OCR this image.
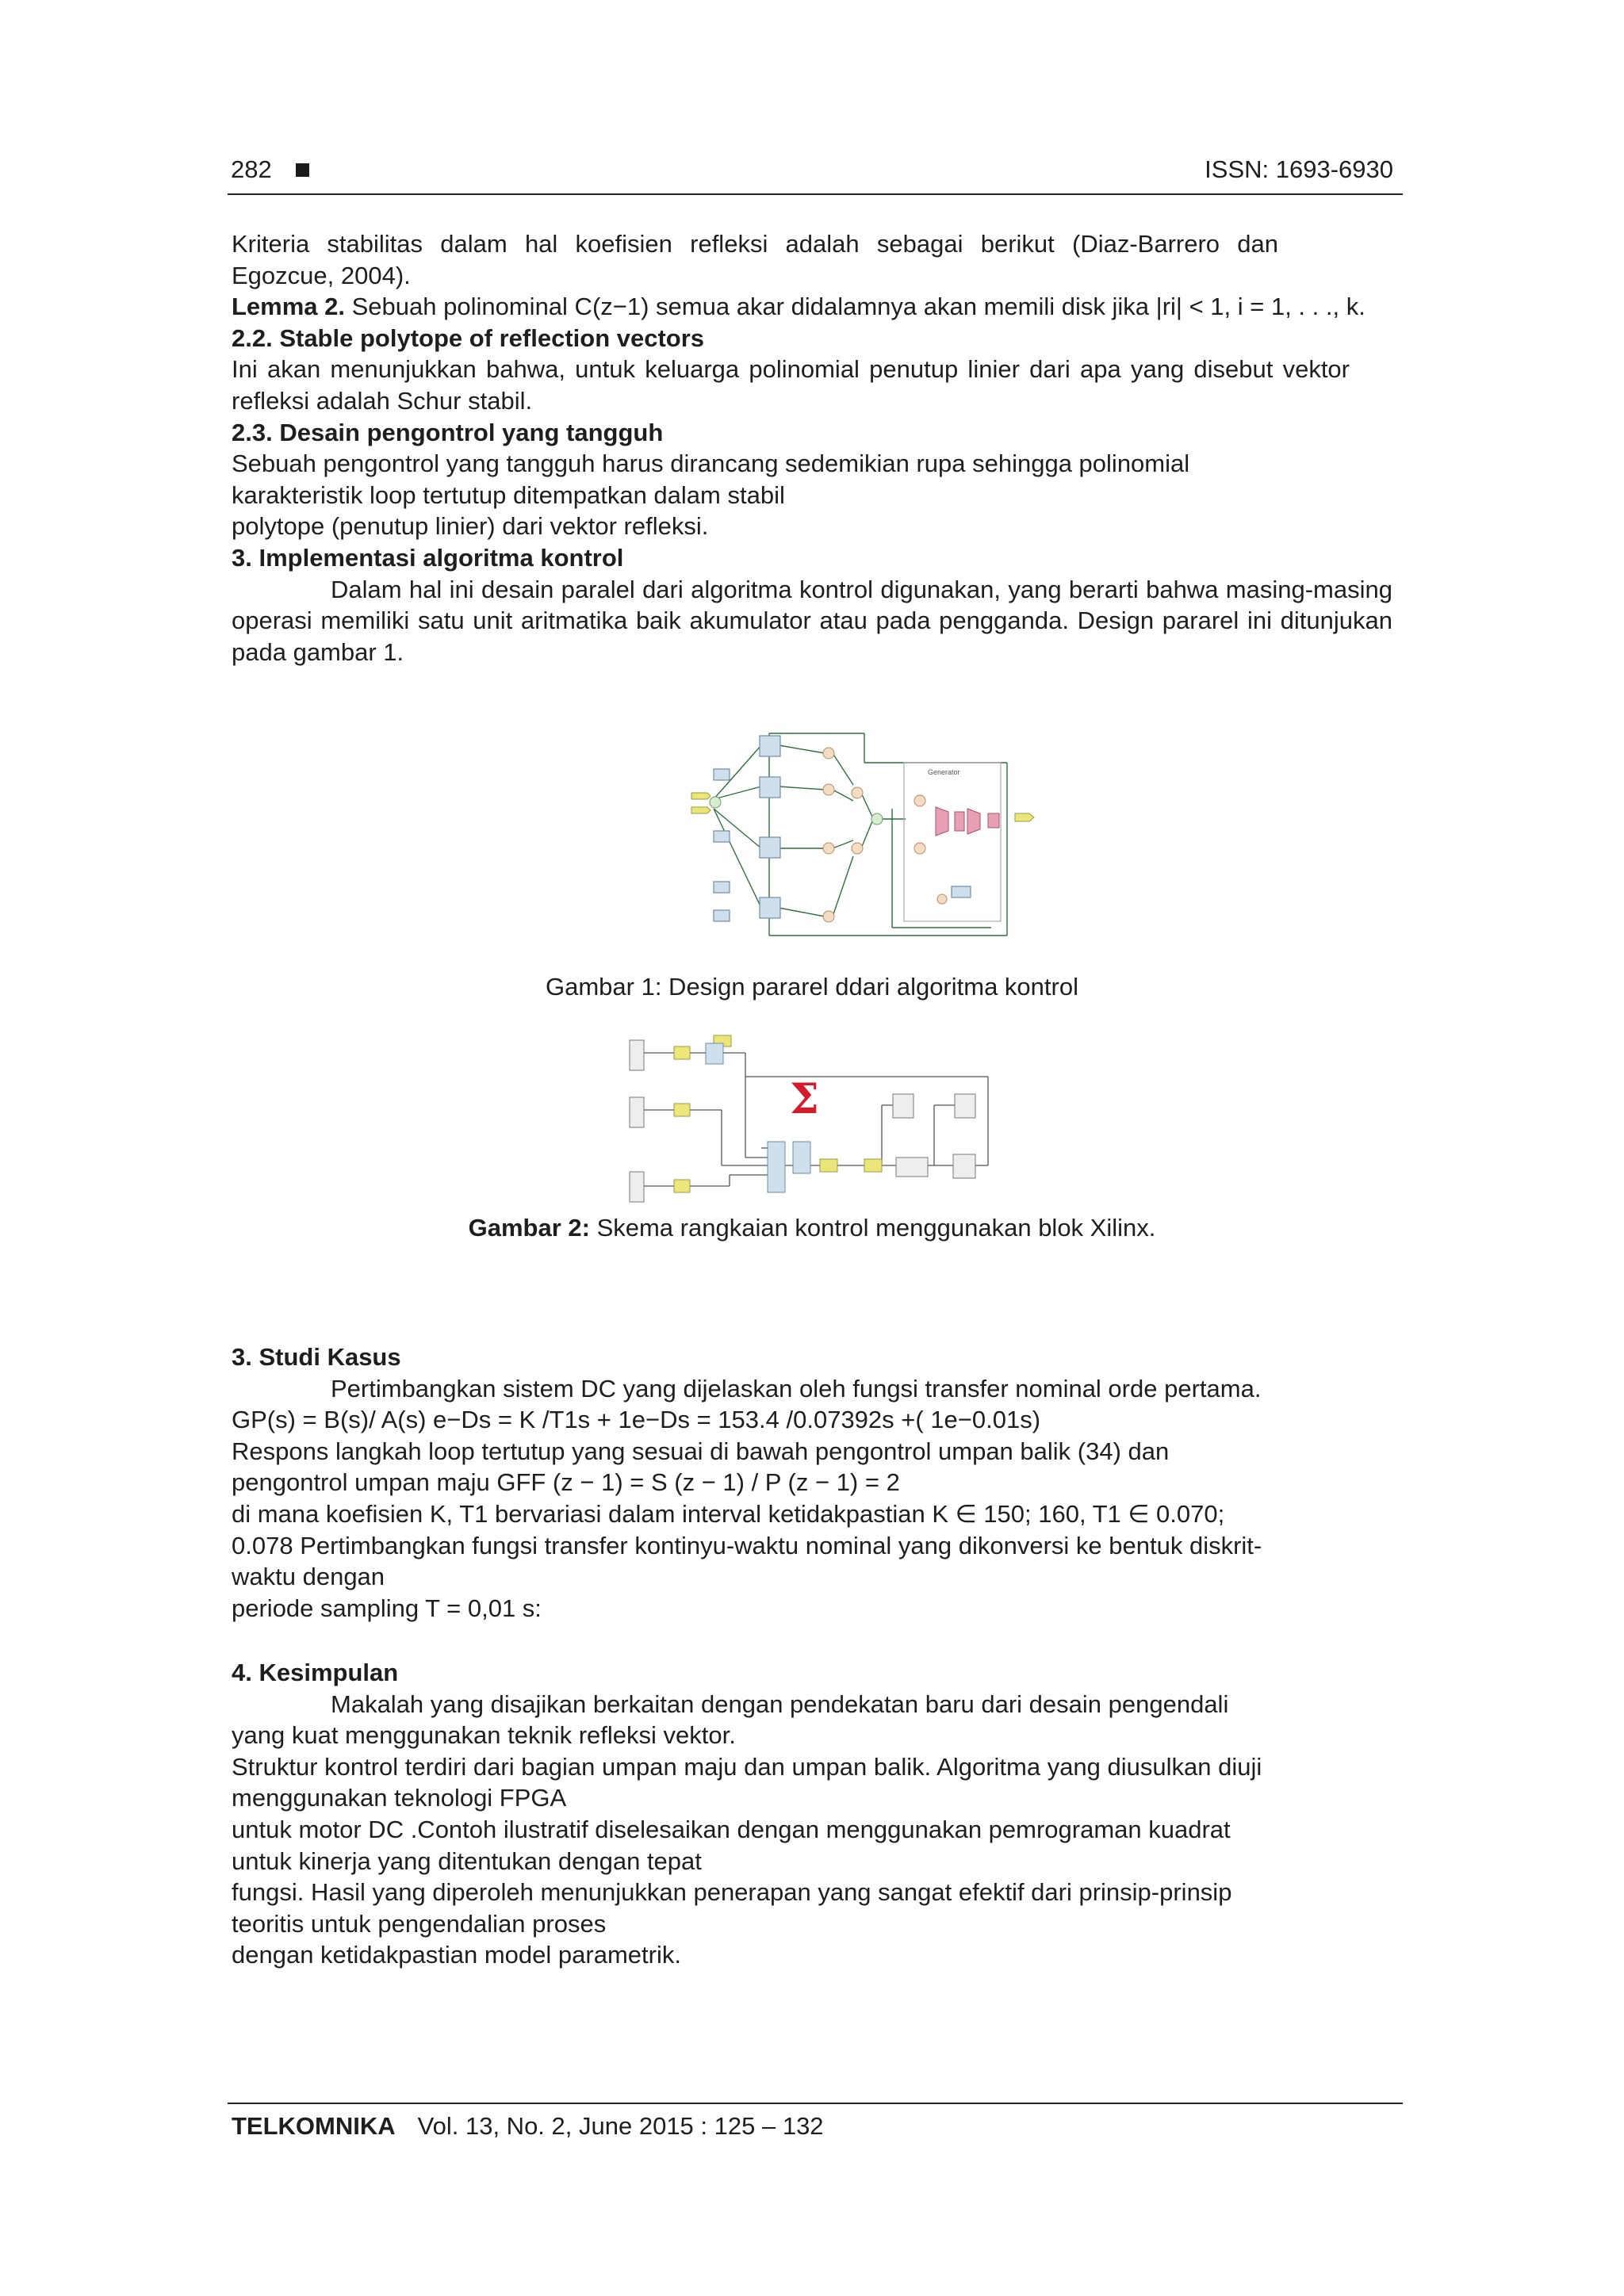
282	ISSN: 1693-6930

Kriteria stabilitas dalam hal koefisien refleksi adalah sebagai berikut (Diaz-Barrero dan Egozcue, 2004).

Lemma 2. Sebuah polinominal C(z−1) semua akar didalamnya akan memili disk jika |ri| < 1, i = 1, . . ., k.

2.2. Stable polytope of reflection vectors

Ini akan menunjukkan bahwa, untuk keluarga polinomial penutup linier dari apa yang disebut vektor refleksi adalah Schur stabil.

2.3. Desain pengontrol yang tangguh

Sebuah pengontrol yang tangguh harus dirancang sedemikian rupa sehingga polinomial

karakteristik loop tertutup ditempatkan dalam stabil

polytope (penutup linier) dari vektor refleksi.

3. Implementasi algoritma kontrol

Dalam hal ini desain paralel dari algoritma kontrol digunakan, yang berarti bahwa masing-masing operasi memiliki satu unit aritmatika baik akumulator atau pada pengganda. Design pararel ini ditunjukan pada gambar 1.

Generator
Gambar 1: Design pararel ddari algoritma kontrol
Σ
Gambar 2: Skema rangkaian kontrol menggunakan blok Xilinx.

3. Studi Kasus

Pertimbangkan sistem DC yang dijelaskan oleh fungsi transfer nominal orde pertama.

GP(s) = B(s)/ A(s) e−Ds = K /T1s + 1e−Ds = 153.4 /0.07392s +( 1e−0.01s)

Respons langkah loop tertutup yang sesuai di bawah pengontrol umpan balik (34) dan

pengontrol umpan maju GFF (z − 1) = S (z − 1) / P (z − 1) = 2

di mana koefisien K, T1 bervariasi dalam interval ketidakpastian K ∈ 150; 160, T1 ∈ 0.070;

0.078 Pertimbangkan fungsi transfer kontinyu-waktu nominal yang dikonversi ke bentuk diskrit-

waktu dengan

periode sampling T = 0,01 s:

4. Kesimpulan

Makalah yang disajikan berkaitan dengan pendekatan baru dari desain pengendali

yang kuat menggunakan teknik refleksi vektor.

Struktur kontrol terdiri dari bagian umpan maju dan umpan balik. Algoritma yang diusulkan diuji

menggunakan teknologi FPGA

untuk motor DC .Contoh ilustratif diselesaikan dengan menggunakan pemrograman kuadrat

untuk kinerja yang ditentukan dengan tepat

fungsi. Hasil yang diperoleh menunjukkan penerapan yang sangat efektif dari prinsip-prinsip

teoritis untuk pengendalian proses

dengan ketidakpastian model parametrik.

TELKOMNIKA Vol. 13, No. 2, June 2015 : 125 – 132
